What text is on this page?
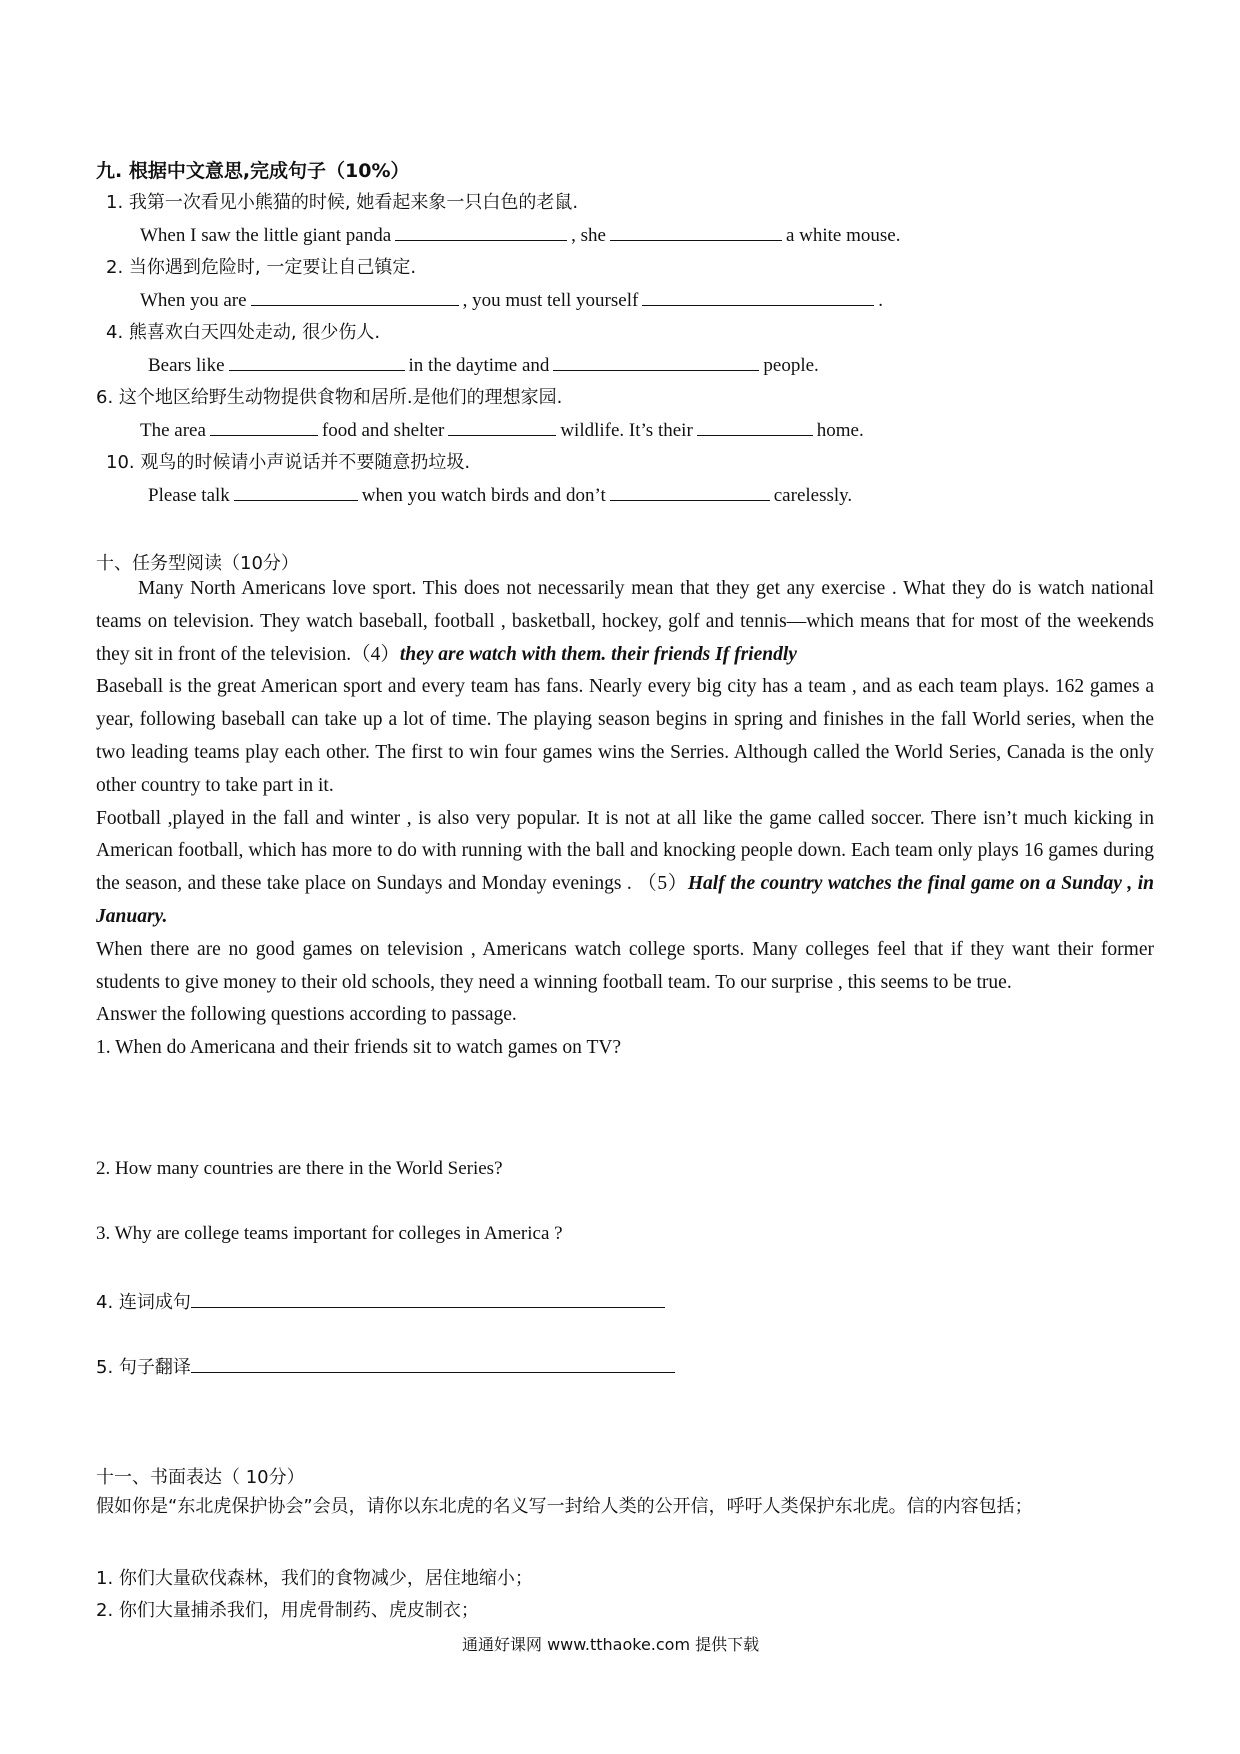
九. 根据中文意思,完成句子（10%）
1. 我第一次看见小熊猫的时候, 她看起来象一只白色的老鼠.
When I saw the little giant panda	, she	a white mouse.
2. 当你遇到危险时, 一定要让自己镇定.
When you are	, you must tell yourself	.
4. 熊喜欢白天四处走动, 很少伤人.
Bears like	in the daytime and	people.
6. 这个地区给野生动物提供食物和居所.是他们的理想家园.
The area	food and shelter	wildlife. It’s their	home.
10. 观鸟的时候请小声说话并不要随意扔垃圾.
Please talk	when you watch birds and don’t	carelessly.
十、任务型阅读（10分）
Many North Americans love sport. This does not necessarily mean that they get any exercise . What they do is watch national teams on television. They watch baseball, football , basketball, hockey, golf and tennis—which means that for most of the weekends they sit in front of the television.（4）they are watch with them. their friends If friendly
Baseball is the great American sport and every team has fans. Nearly every big city has a team , and as each team plays. 162 games a year, following baseball can take up a lot of time. The playing season begins in spring and finishes in the fall World series, when the two leading teams play each other. The first to win four games wins the Serries. Although called the World Series, Canada is the only other country to take part in it.
Football ,played in the fall and winter , is also very popular. It is not at all like the game called soccer. There isn’t much kicking in American football, which has more to do with running with the ball and knocking people down. Each team only plays 16 games during the season, and these take place on Sundays and Monday evenings . （5）Half the country watches the final game on a Sunday , in January.
When there are no good games on television , Americans watch college sports. Many colleges feel that if they want their former students to give money to their old schools, they need a winning football team. To our surprise , this seems to be true.
Answer the following questions according to passage.
1. When do Americana and their friends sit to watch games on TV?
2. How many countries are there in the World Series?
3. Why are college teams important for colleges in America ?
4. 连词成句
5. 句子翻译
十一、书面表达（ 10分）
假如你是“东北虎保护协会”会员，请你以东北虎的名义写一封给人类的公开信，呼吁人类保护东北虎。信的内容包括；
1. 你们大量砍伐森林，我们的食物减少，居住地缩小；
2. 你们大量捕杀我们，用虎骨制药、虎皮制衣；
通通好课网 www.tthaoke.com 提供下载
